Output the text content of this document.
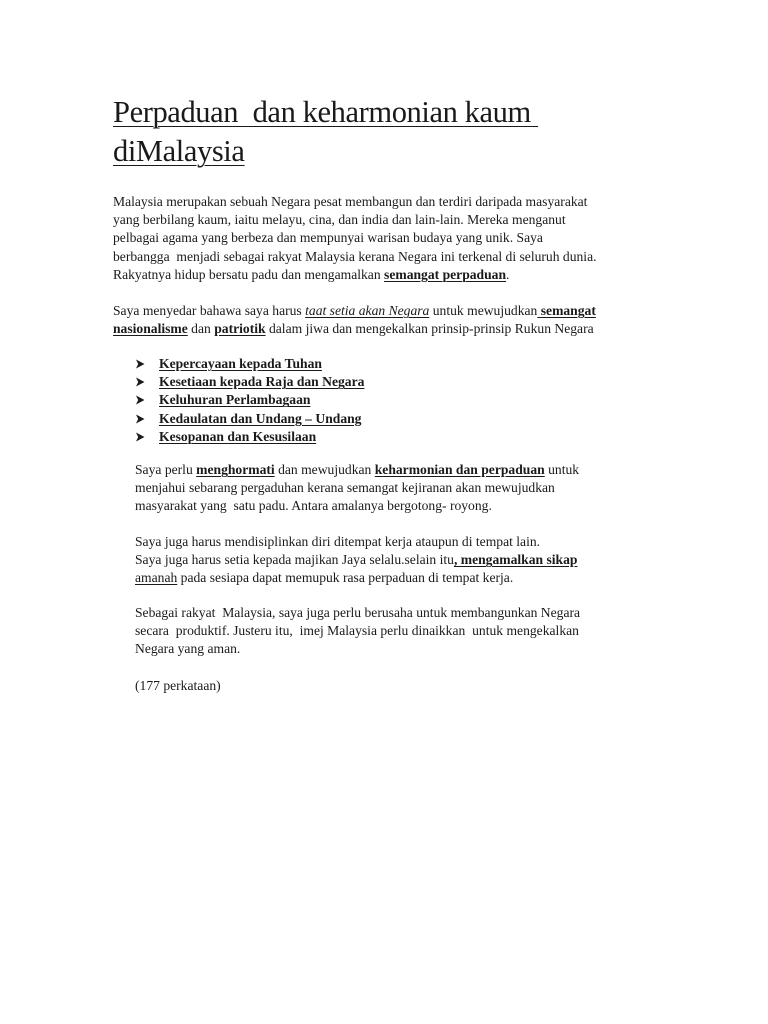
Perpaduan  dan keharmonian kaum
diMalaysia
Malaysia merupakan sebuah Negara pesat membangun dan terdiri daripada masyarakat
yang berbilang kaum, iaitu melayu, cina, dan india dan lain-lain. Mereka menganut
pelbagai agama yang berbeza dan mempunyai warisan budaya yang unik. Saya
berbangga  menjadi sebagai rakyat Malaysia kerana Negara ini terkenal di seluruh dunia.
Rakyatnya hidup bersatu padu dan mengamalkan semangat perpaduan.
Saya menyedar bahawa saya harus taat setia akan Negara untuk mewujudkan semangat
nasionalisme dan patriotik dalam jiwa dan mengekalkan prinsip-prinsip Rukun Negara
Kepercayaan kepada Tuhan
Kesetiaan kepada Raja dan Negara
Keluhuran Perlambagaan
Kedaulatan dan Undang – Undang
Kesopanan dan Kesusilaan
Saya perlu menghormati dan mewujudkan keharmonian dan perpaduan untuk
menjahui sebarang pergaduhan kerana semangat kejiranan akan mewujudkan
masyarakat yang  satu padu. Antara amalanya bergotong- royong.
Saya juga harus mendisiplinkan diri ditempat kerja ataupun di tempat lain.
Saya juga harus setia kepada majikan Jaya selalu.selain itu, mengamalkan sikap
amanah pada sesiapa dapat memupuk rasa perpaduan di tempat kerja.
Sebagai rakyat  Malaysia, saya juga perlu berusaha untuk membangunkan Negara
secara  produktif. Justeru itu,  imej Malaysia perlu dinaikkan  untuk mengekalkan
Negara yang aman.
(177 perkataan)
